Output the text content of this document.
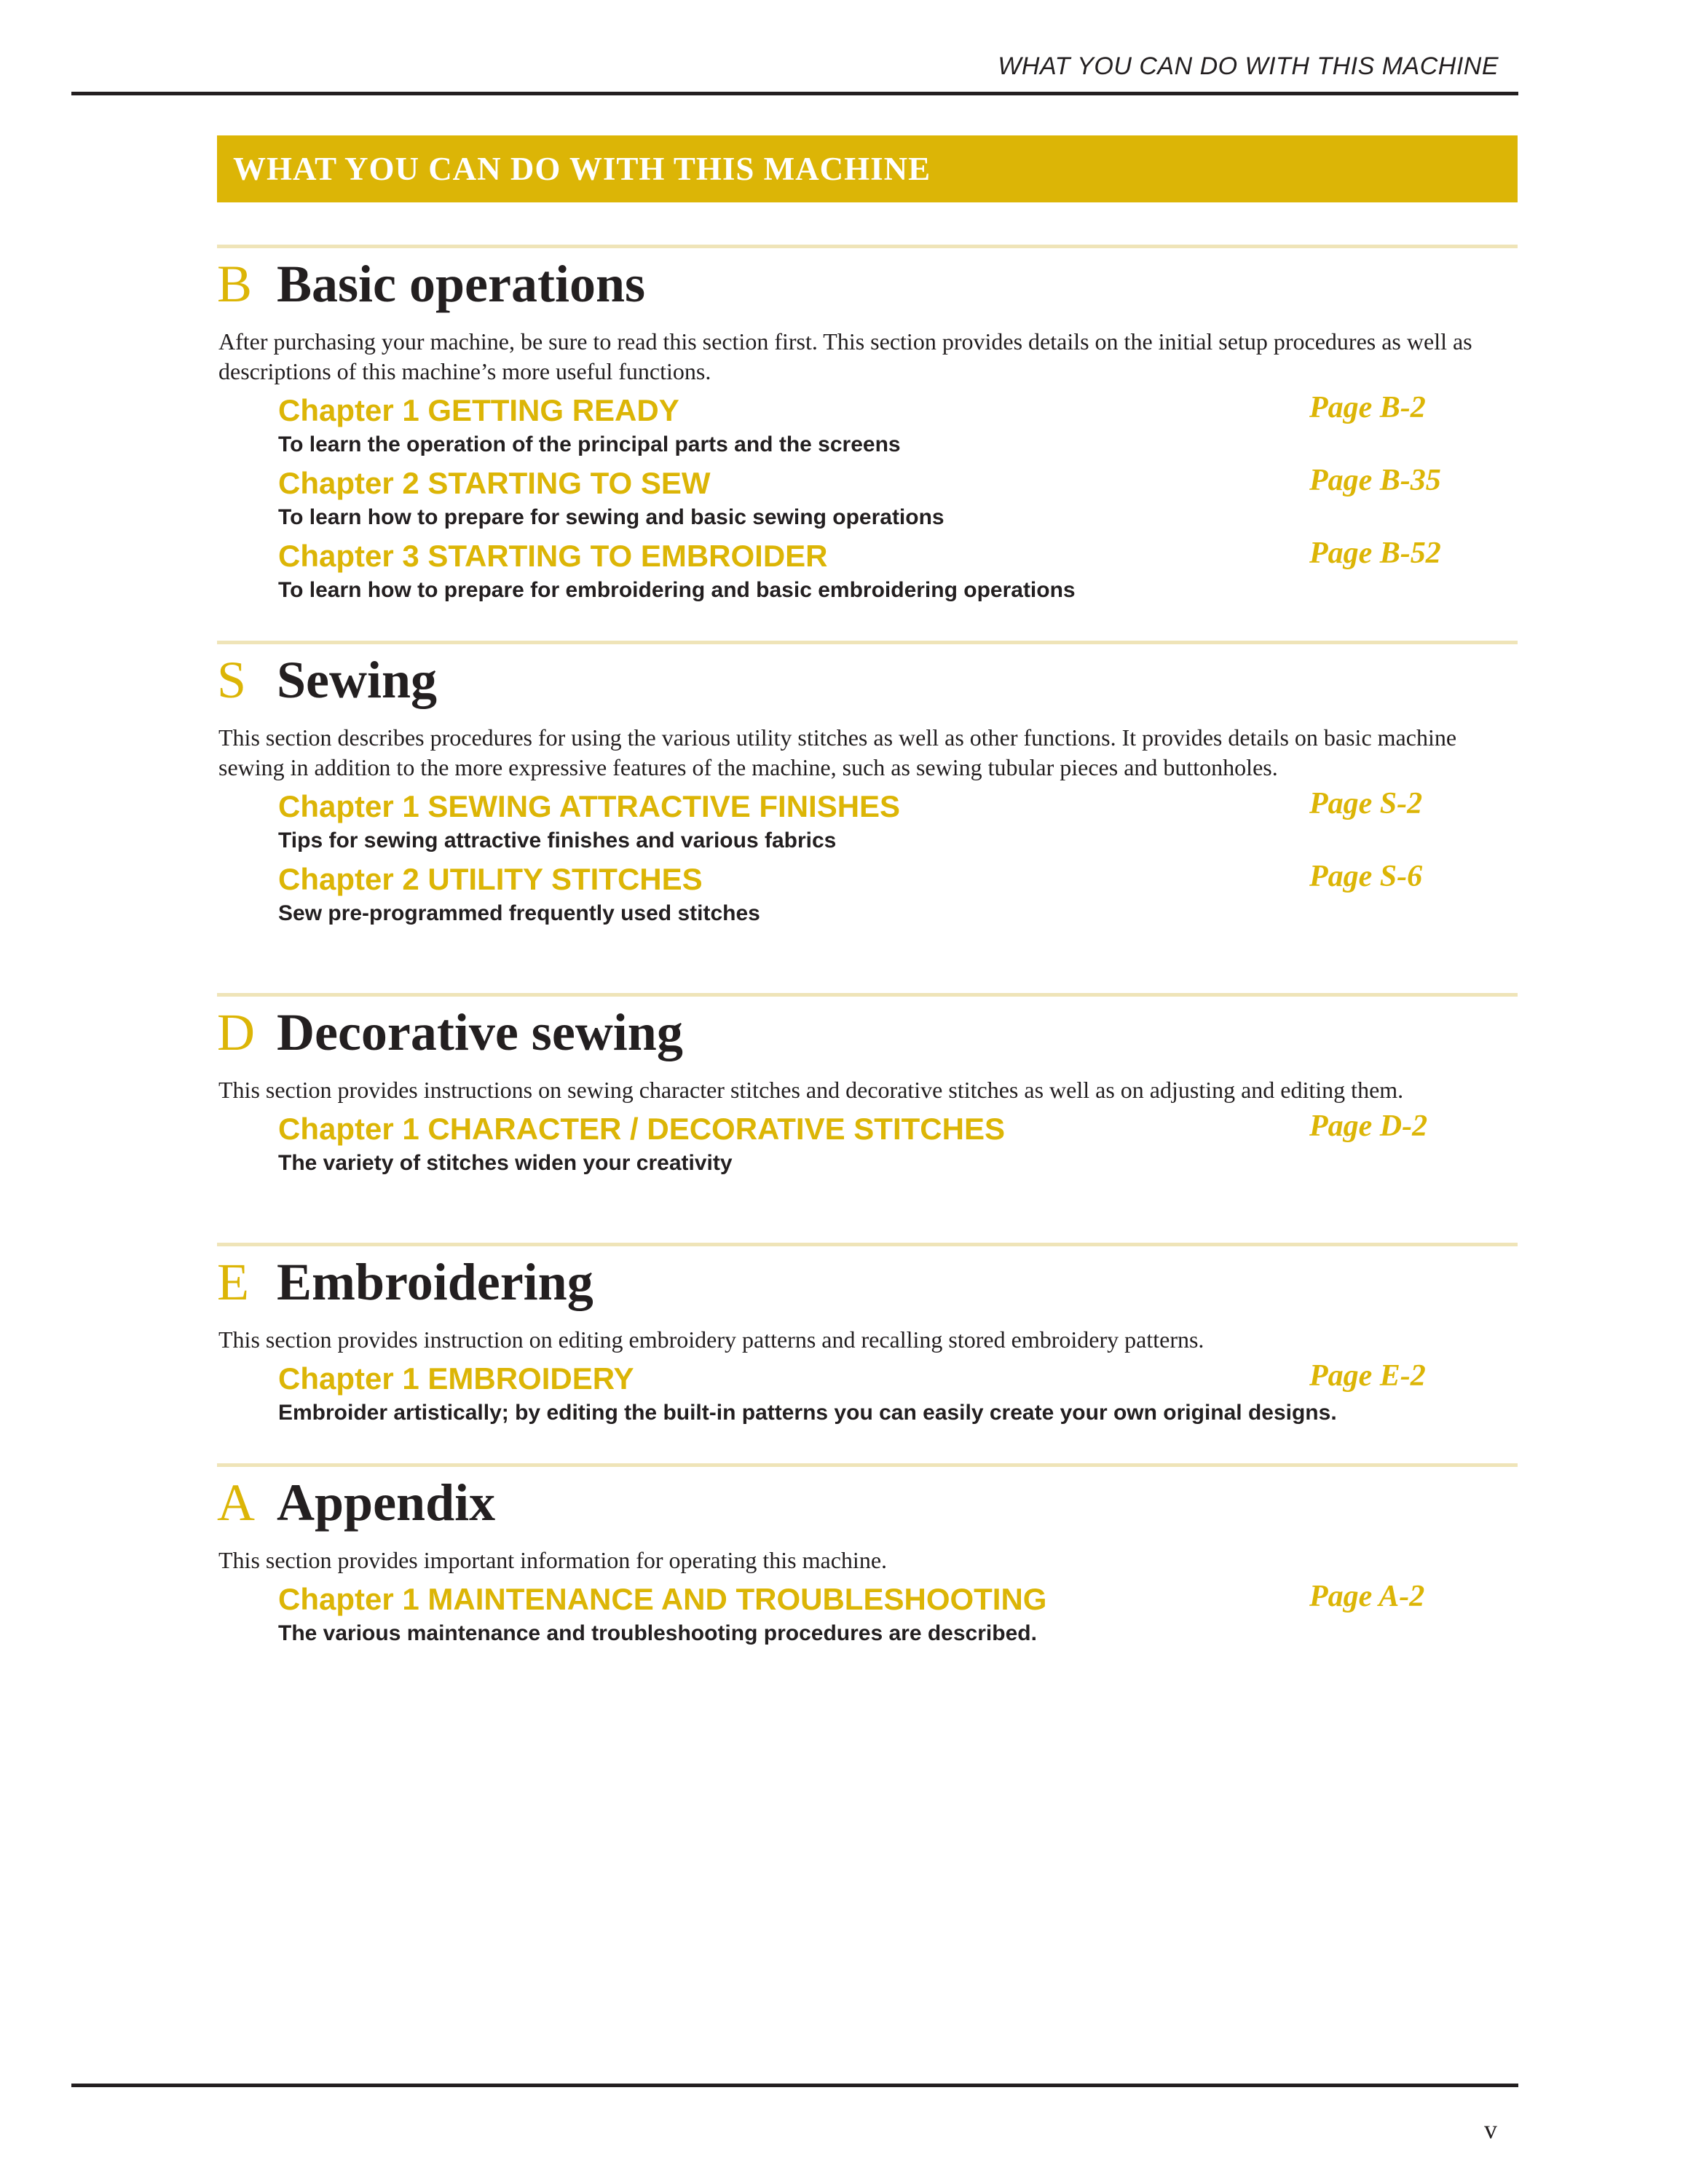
WHAT YOU CAN DO WITH THIS MACHINE

WHAT YOU CAN DO WITH THIS MACHINE
B Basic operations

After purchasing your machine, be sure to read this section first. This section provides details on the initial setup procedures as well as descriptions of this machine’s more useful functions.

Chapter 1 GETTING READY	Page B-2
To learn the operation of the principal parts and the screens
Chapter 2 STARTING TO SEW	Page B-35
To learn how to prepare for sewing and basic sewing operations
Chapter 3 STARTING TO EMBROIDER	Page B-52
To learn how to prepare for embroidering and basic embroidering operations
S Sewing

This section describes procedures for using the various utility stitches as well as other functions. It provides details on basic machine sewing in addition to the more expressive features of the machine, such as sewing tubular pieces and buttonholes.

Chapter 1 SEWING ATTRACTIVE FINISHES	Page S-2
Tips for sewing attractive finishes and various fabrics
Chapter 2 UTILITY STITCHES	Page S-6
Sew pre-programmed frequently used stitches
D Decorative sewing

This section provides instructions on sewing character stitches and decorative stitches as well as on adjusting and editing them.

Chapter 1 CHARACTER / DECORATIVE STITCHES	Page D-2
The variety of stitches widen your creativity
E Embroidering

This section provides instruction on editing embroidery patterns and recalling stored embroidery patterns.

Chapter 1 EMBROIDERY	Page E-2
Embroider artistically; by editing the built-in patterns you can easily create your own original designs.
A Appendix

This section provides important information for operating this machine.

Chapter 1 MAINTENANCE AND TROUBLESHOOTING	Page A-2
The various maintenance and troubleshooting procedures are described.

v
